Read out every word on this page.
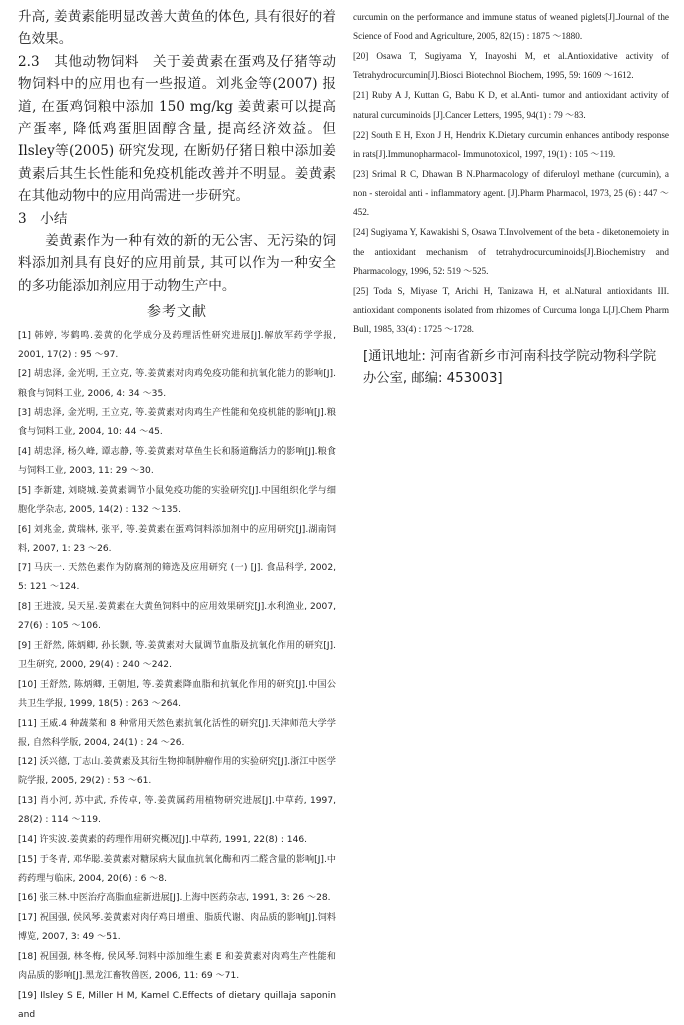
升高, 姜黄素能明显改善大黄鱼的体色, 具有很好的着色效果。

2.3　其他动物饲料　关于姜黄素在蛋鸡及仔猪等动物饲料中的应用也有一些报道。刘兆金等(2007) 报道, 在蛋鸡饲粮中添加 150 mg/kg 姜黄素可以提高产蛋率, 降低鸡蛋胆固醇含量, 提高经济效益。但 Ilsley等(2005) 研究发现, 在断奶仔猪日粮中添加姜黄素后其生长性能和免疫机能改善并不明显。姜黄素在其他动物中的应用尚需进一步研究。

3　小结

姜黄素作为一种有效的新的无公害、无污染的饲料添加剂具有良好的应用前景, 其可以作为一种安全的多功能添加剂应用于动物生产中。

参考文献

[1] 韩婷, 岑鹤鸣.姜黄的化学成分及药理活性研究进展[J].解放军药学学报, 2001, 17(2) : 95 ～97.

[2] 胡忠泽, 金光明, 王立克, 等.姜黄素对肉鸡免疫功能和抗氧化能力的影响[J].粮食与饲料工业, 2006, 4: 34 ～35.

[3] 胡忠泽, 金光明, 王立克, 等.姜黄素对肉鸡生产性能和免疫机能的影响[J].粮食与饲料工业, 2004, 10: 44 ～45.

[4] 胡忠泽, 杨久峰, 谭志静, 等.姜黄素对草鱼生长和肠道酶活力的影响[J].粮食与饲料工业, 2003, 11: 29 ～30.

[5] 李新建, 刘晓城.姜黄素调节小鼠免疫功能的实验研究[J].中国组织化学与细胞化学杂志, 2005, 14(2) : 132 ～135.

[6] 刘兆金, 黄瑞林, 张平, 等.姜黄素在蛋鸡饲料添加剂中的应用研究[J].湖南饲料, 2007, 1: 23 ～26.

[7] 马庆一. 天然色素作为防腐剂的筛选及应用研究 (一) [J]. 食品科学, 2002, 5: 121 ～124.

[8] 王进波, 吴天星.姜黄素在大黄鱼饲料中的应用效果研究[J].水利渔业, 2007, 27(6) : 105 ～106.

[9] 王舒然, 陈炳卿, 孙长颢, 等.姜黄素对大鼠调节血脂及抗氧化作用的研究[J].卫生研究, 2000, 29(4) : 240 ～242.

[10] 王舒然, 陈炳卿, 王朝旭, 等.姜黄素降血脂和抗氧化作用的研究[J].中国公共卫生学报, 1999, 18(5) : 263 ～264.

[11] 王威.4 种蔬菜和 8 种常用天然色素抗氧化活性的研究[J].天津师范大学学报, 自然科学版, 2004, 24(1) : 24 ～26.

[12] 沃兴德, 丁志山.姜黄素及其衍生物抑制肿瘤作用的实验研究[J].浙江中医学院学报, 2005, 29(2) : 53 ～61.

[13] 肖小河, 苏中武, 乔传卓, 等.姜黄属药用植物研究进展[J].中草药, 1997, 28(2) : 114 ～119.

[14] 许实波.姜黄素的药理作用研究概况[J].中草药, 1991, 22(8) : 146.

[15] 于冬青, 邓华聪.姜黄素对糖尿病大鼠血抗氧化酶和丙二醛含量的影响[J].中药药理与临床, 2004, 20(6) : 6 ～8.

[16] 张三林.中医治疗高脂血症新进展[J].上海中医药杂志, 1991, 3: 26 ～28.

[17] 祝国强, 侯风琴.姜黄素对肉仔鸡日增重、脂质代谢、肉品质的影响[J].饲料博览, 2007, 3: 49 ～51.

[18] 祝国强, 林冬梅, 侯风琴.饲料中添加维生素 E 和姜黄素对肉鸡生产性能和肉品质的影响[J].黑龙江畜牧兽医, 2006, 11: 69 ～71.

[19] Ilsley S E, Miller H M, Kamel C.Effects of dietary quillaja saponin and

curcumin on the performance and immune status of weaned piglets[J].Journal of the Science of Food and Agriculture, 2005, 82(15) : 1875 ～1880.

[20] Osawa T, Sugiyama Y, Inayoshi M, et al.Antioxidative activity of Tetrahydrocurcumin[J].Biosci Biotechnol Biochem, 1995, 59: 1609 ～1612.

[21] Ruby A J, Kuttan G, Babu K D, et al.Anti- tumor and antioxidant activity of natural curcuminoids [J].Cancer Letters, 1995, 94(1) : 79 ～83.

[22] South E H, Exon J H, Hendrix K.Dietary curcumin enhances antibody response in rats[J].Immunopharmacol- Immunotoxicol, 1997, 19(1) : 105 ～119.

[23] Srimal R C, Dhawan B N.Pharmacology of diferuloyl methane (curcumin), a non - steroidal anti - inflammatory agent. [J].Pharm Pharmacol, 1973, 25 (6) : 447 ～452.

[24] Sugiyama Y, Kawakishi S, Osawa T.Involvement of the beta - diketonemoiety in the antioxidant mechanism of tetrahydrocurcuminoids[J].Biochemistry and Pharmacology, 1996, 52: 519 ～525.

[25] Toda S, Miyase T, Arichi H, Tanizawa H, et al.Natural antioxidants III. antioxidant components isolated from rhizomes of Curcuma longa L[J].Chem Pharm Bull, 1985, 33(4) : 1725 ～1728.

[通讯地址: 河南省新乡市河南科技学院动物科学院办公室, 邮编: 453003]
